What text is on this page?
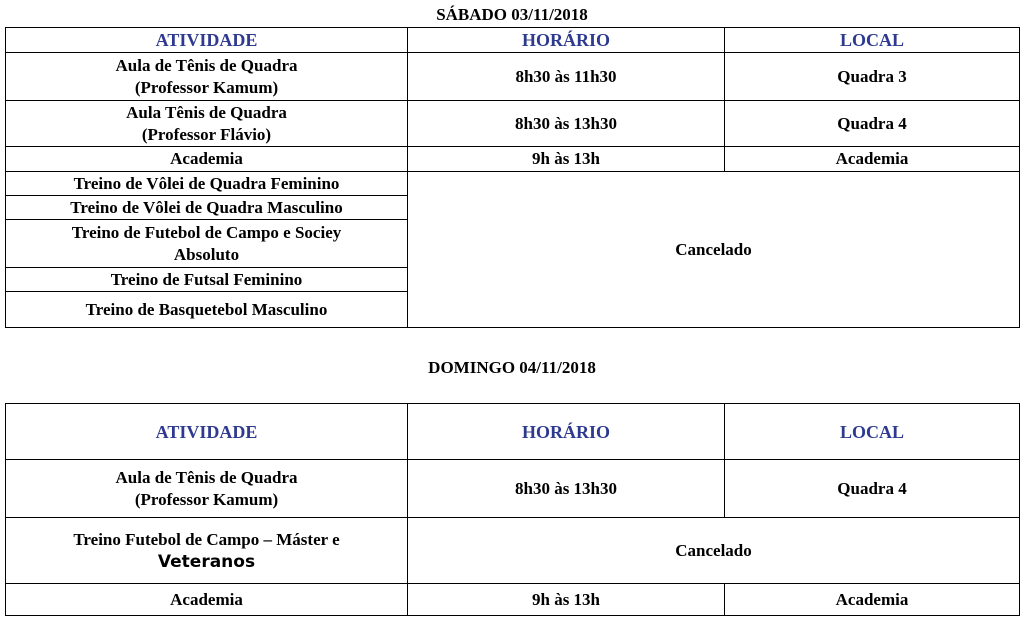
SÁBADO 03/11/2018
ATIVIDADE	HORÁRIO	LOCAL

Aula de Tênis de Quadra
(Professor Kamum)	8h30 às 11h30	Quadra 3

Aula Tênis de Quadra
(Professor Flávio)	8h30 às 13h30	Quadra 4
Academia	9h às 13h	Academia
Treino de Vôlei de Quadra Feminino	Cancelado	
Treino de Vôlei de Quadra Masculino		

Treino de Futebol de Campo e Sociey
Absoluto		

Treino de Futsal Feminino		
Treino de Basquetebol Masculino		
DOMINGO 04/11/2018
ATIVIDADE	HORÁRIO	LOCAL

Aula de Tênis de Quadra
(Professor Kamum)	8h30 às 13h30	Quadra 4

Treino Futebol de Campo – Máster e
Veteranos	Cancelado	
Academia	9h às 13h	Academia
